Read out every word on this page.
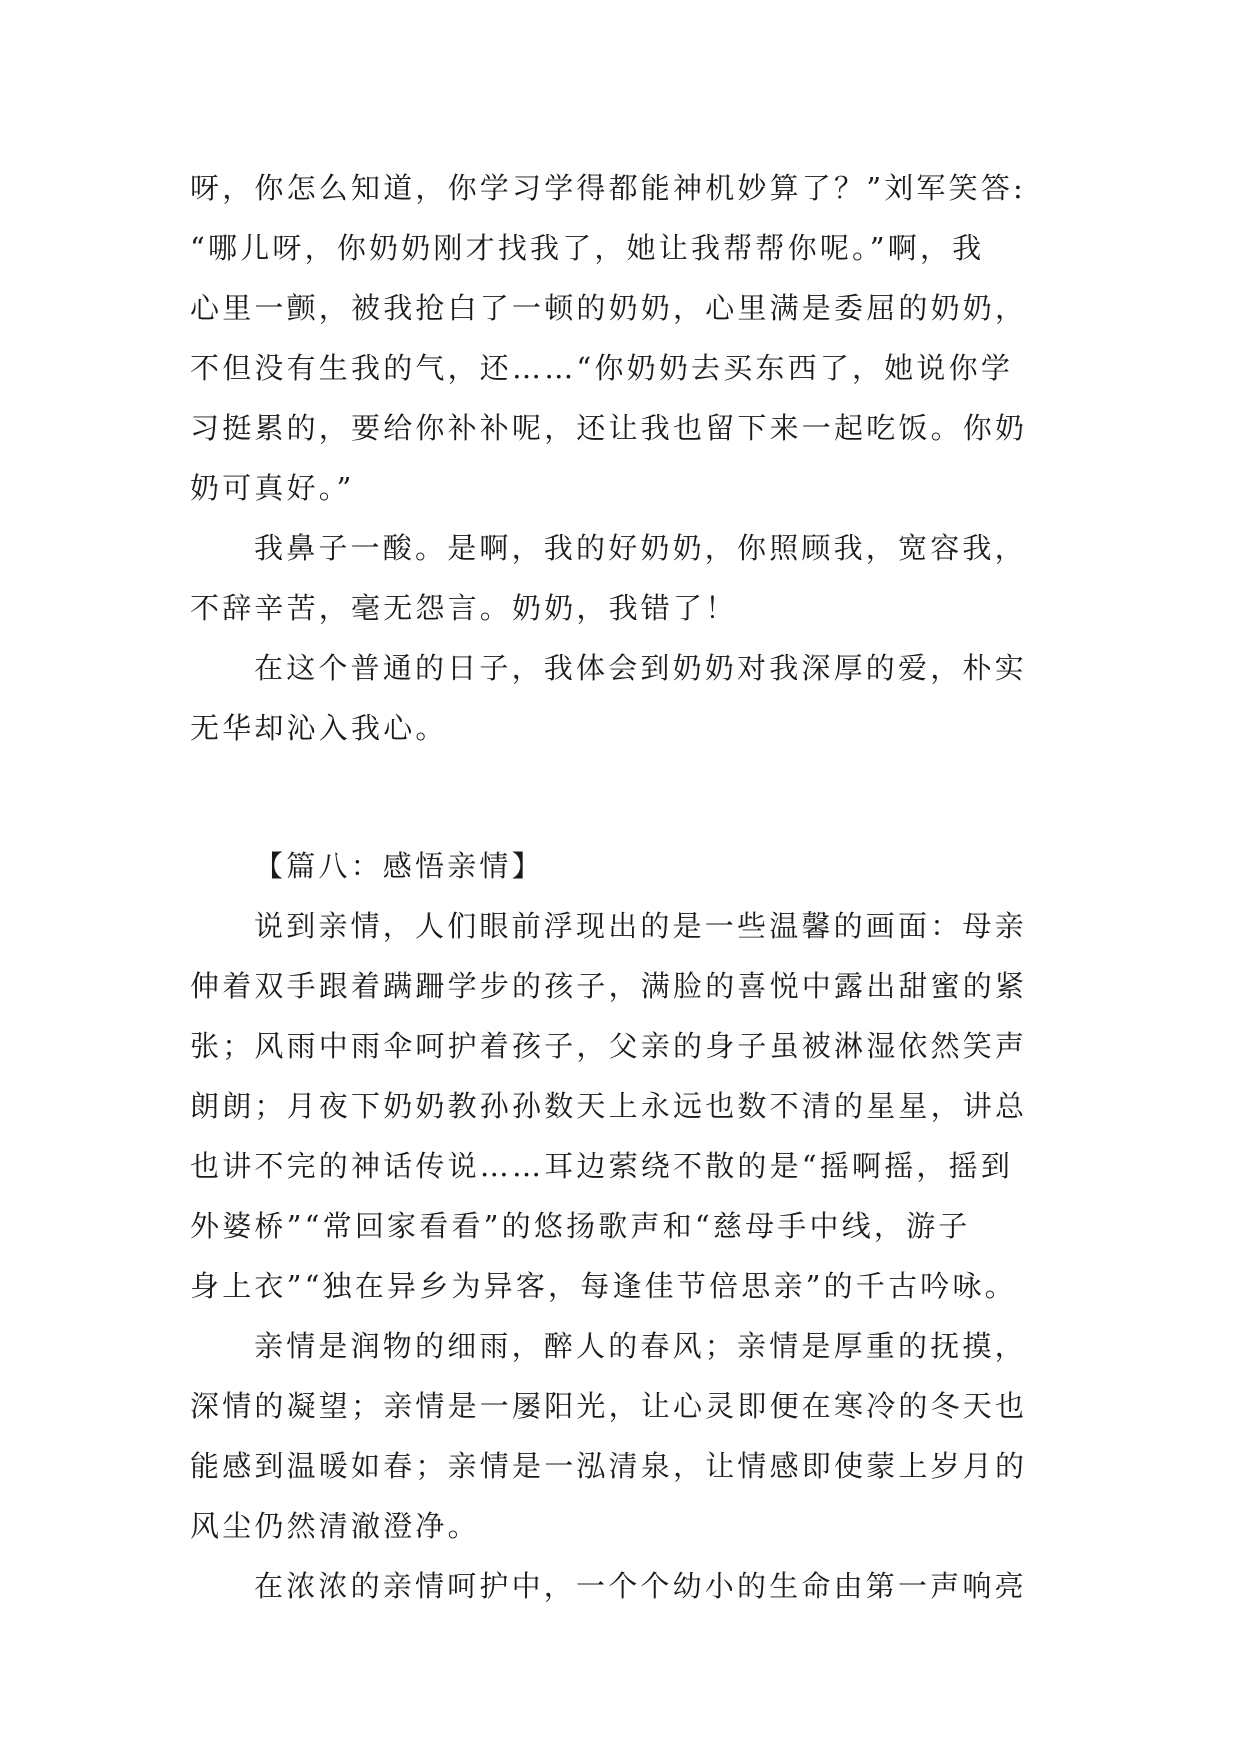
呀，你怎么知道，你学习学得都能神机妙算了？”刘军笑答:
“哪儿呀，你奶奶刚才找我了，她让我帮帮你呢。”啊，我
心里一颤，被我抢白了一顿的奶奶，心里满是委屈的奶奶，
不但没有生我的气，还……“你奶奶去买东西了，她说你学
习挺累的，要给你补补呢，还让我也留下来一起吃饭。你奶
奶可真好。”
我鼻子一酸。是啊，我的好奶奶，你照顾我，宽容我，
不辞辛苦，毫无怨言。奶奶，我错了！
在这个普通的日子，我体会到奶奶对我深厚的爱，朴实
无华却沁入我心。
【篇八：感悟亲情】
说到亲情，人们眼前浮现出的是一些温馨的画面：母亲
伸着双手跟着蹒跚学步的孩子，满脸的喜悦中露出甜蜜的紧
张；风雨中雨伞呵护着孩子，父亲的身子虽被淋湿依然笑声
朗朗；月夜下奶奶教孙孙数天上永远也数不清的星星，讲总
也讲不完的神话传说……耳边萦绕不散的是“摇啊摇，摇到
外婆桥”“常回家看看”的悠扬歌声和“慈母手中线，游子
身上衣”“独在异乡为异客，每逢佳节倍思亲”的千古吟咏。
亲情是润物的细雨，醉人的春风；亲情是厚重的抚摸，
深情的凝望；亲情是一屡阳光，让心灵即便在寒冷的冬天也
能感到温暖如春；亲情是一泓清泉，让情感即使蒙上岁月的
风尘仍然清澈澄净。
在浓浓的亲情呵护中，一个个幼小的生命由第一声响亮
